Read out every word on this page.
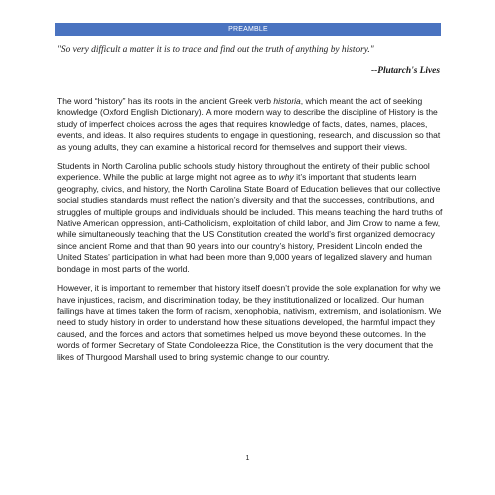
PREAMBLE
"So very difficult a matter it is to trace and find out the truth of anything by history."
--Plutarch's Lives

The word “history” has its roots in the ancient Greek verb historia, which meant the act of seeking knowledge (Oxford English Dictionary). A more modern way to describe the discipline of History is the study of imperfect choices across the ages that requires knowledge of facts, dates, names, places, events, and ideas. It also requires students to engage in questioning, research, and discussion so that as young adults, they can examine a historical record for themselves and support their views.

Students in North Carolina public schools study history throughout the entirety of their public school experience. While the public at large might not agree as to why it’s important that students learn geography, civics, and history, the North Carolina State Board of Education believes that our collective social studies standards must reflect the nation’s diversity and that the successes, contributions, and struggles of multiple groups and individuals should be included. This means teaching the hard truths of Native American oppression, anti-Catholicism, exploitation of child labor, and Jim Crow to name a few, while simultaneously teaching that the US Constitution created the world’s first organized democracy since ancient Rome and that than 90 years into our country’s history, President Lincoln ended the United States’ participation in what had been more than 9,000 years of legalized slavery and human bondage in most parts of the world.

However, it is important to remember that history itself doesn’t provide the sole explanation for why we have injustices, racism, and discrimination today, be they institutionalized or localized. Our human failings have at times taken the form of racism, xenophobia, nativism, extremism, and isolationism. We need to study history in order to understand how these situations developed, the harmful impact they caused, and the forces and actors that sometimes helped us move beyond these outcomes. In the words of former Secretary of State Condoleezza Rice, the Constitution is the very document that the likes of Thurgood Marshall used to bring systemic change to our country.

1
